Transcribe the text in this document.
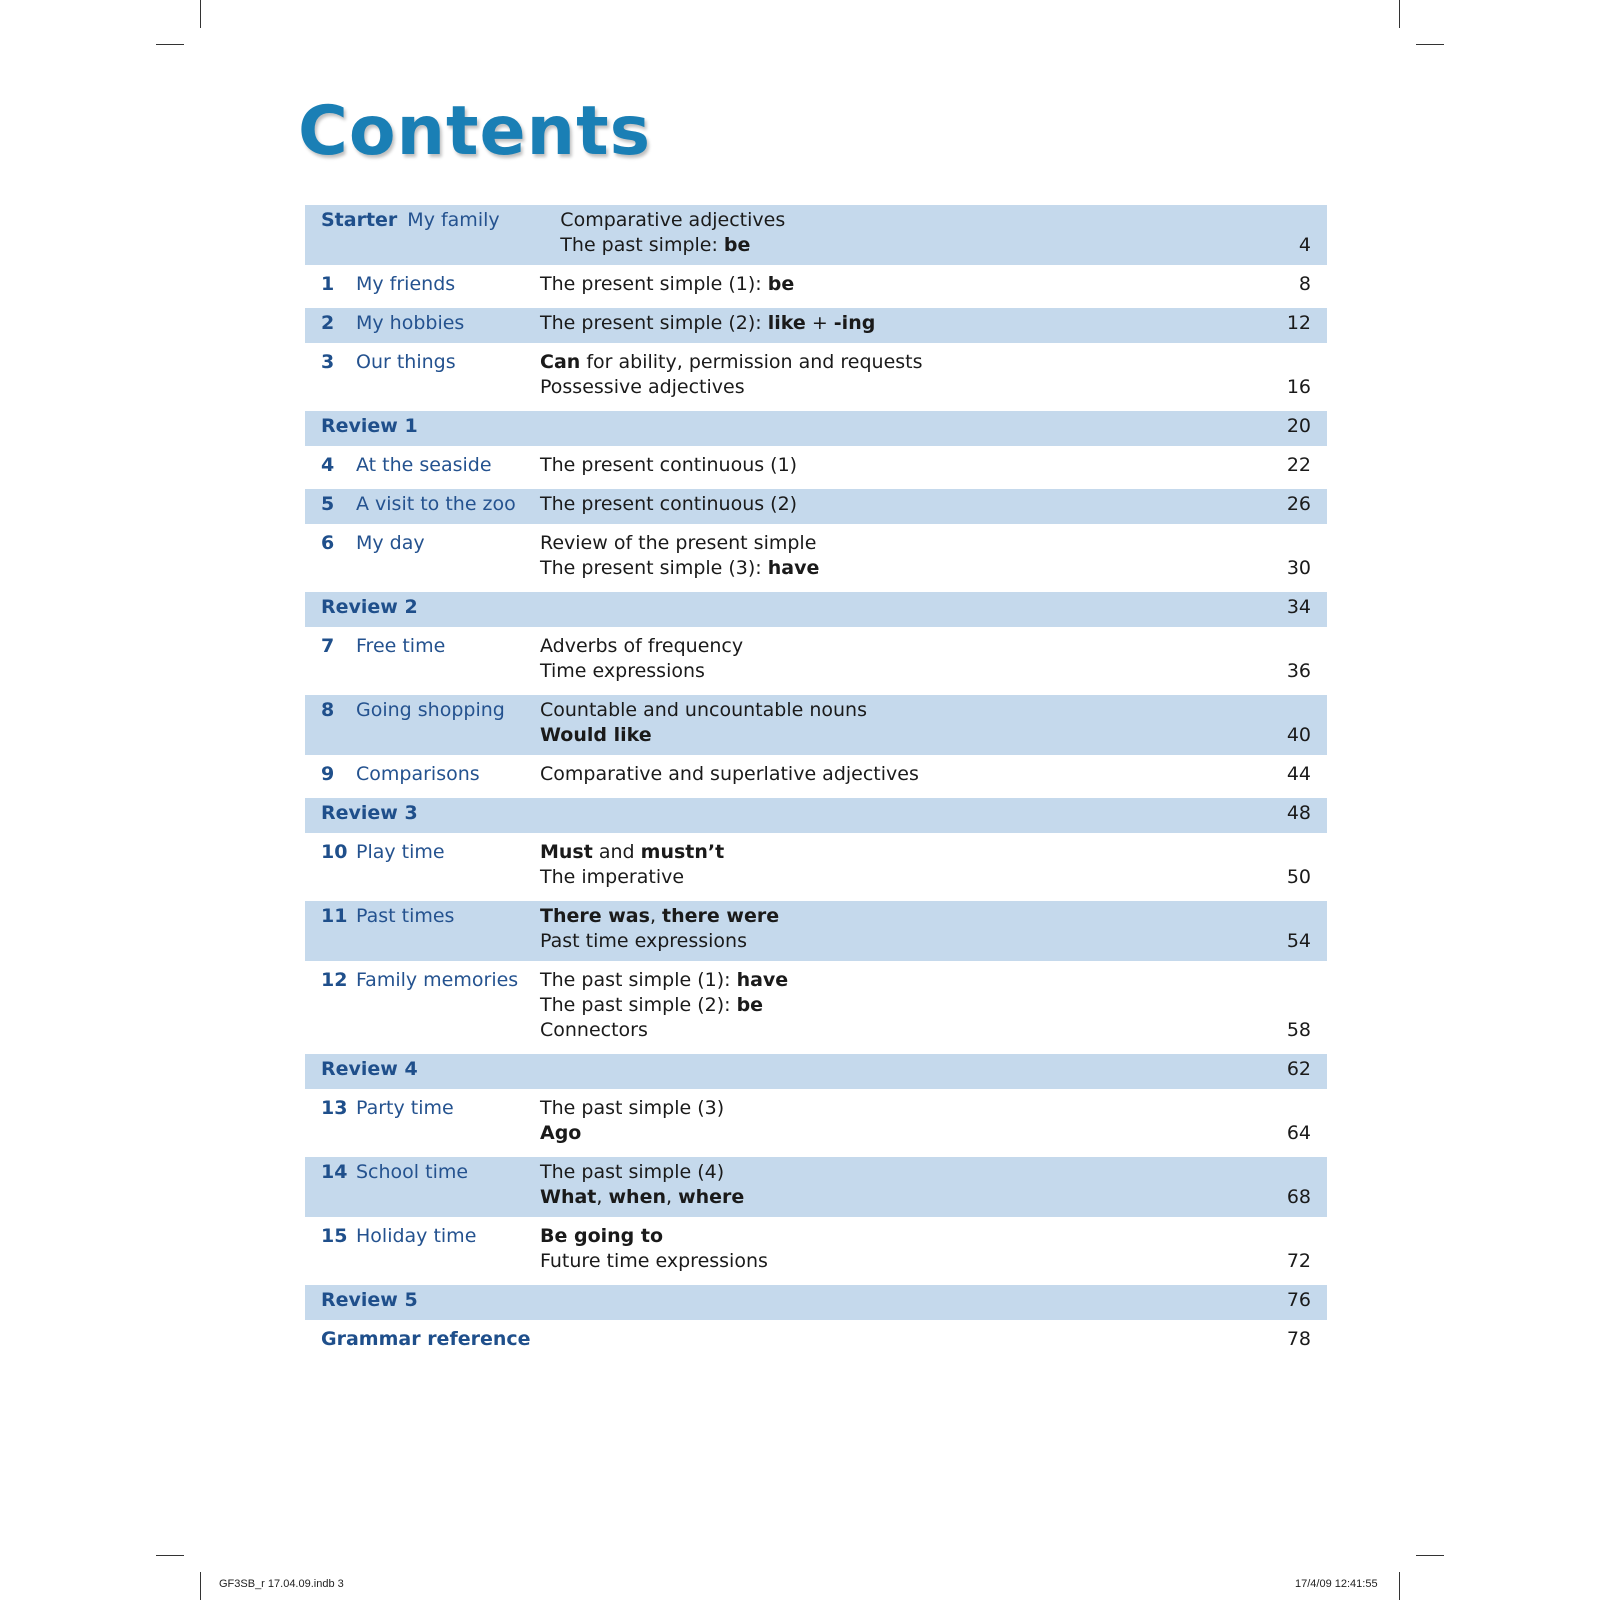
Contents
Starter My family	Comparative adjectives
The past simple: be	4
1	My friends	The present simple (1): be	8
2	My hobbies	The present simple (2): like + -ing	12
3	Our things	Can for ability, permission and requests
Possessive adjectives	16
Review 1	20
4	At the seaside	The present continuous (1)	22
5	A visit to the zoo	The present continuous (2)	26
6	My day	Review of the present simple
The present simple (3): have	30
Review 2	34
7	Free time	Adverbs of frequency
Time expressions	36
8	Going shopping	Countable and uncountable nouns
Would like	40
9	Comparisons	Comparative and superlative adjectives	44
Review 3	48
10 Play time	Must and mustn’t
The imperative	50
11 Past times	There was, there were
Past time expressions	54
12 Family memories	The past simple (1): have
The past simple (2): be
Connectors	58
Review 4	62
13 Party time	The past simple (3)
Ago	64
14 School time	The past simple (4)
What, when, where	68
15 Holiday time	Be going to
Future time expressions	72
Review 5	76
Grammar reference	78
GF3SB_r 17.04.09.indb 3	17/4/09 12:41:55
